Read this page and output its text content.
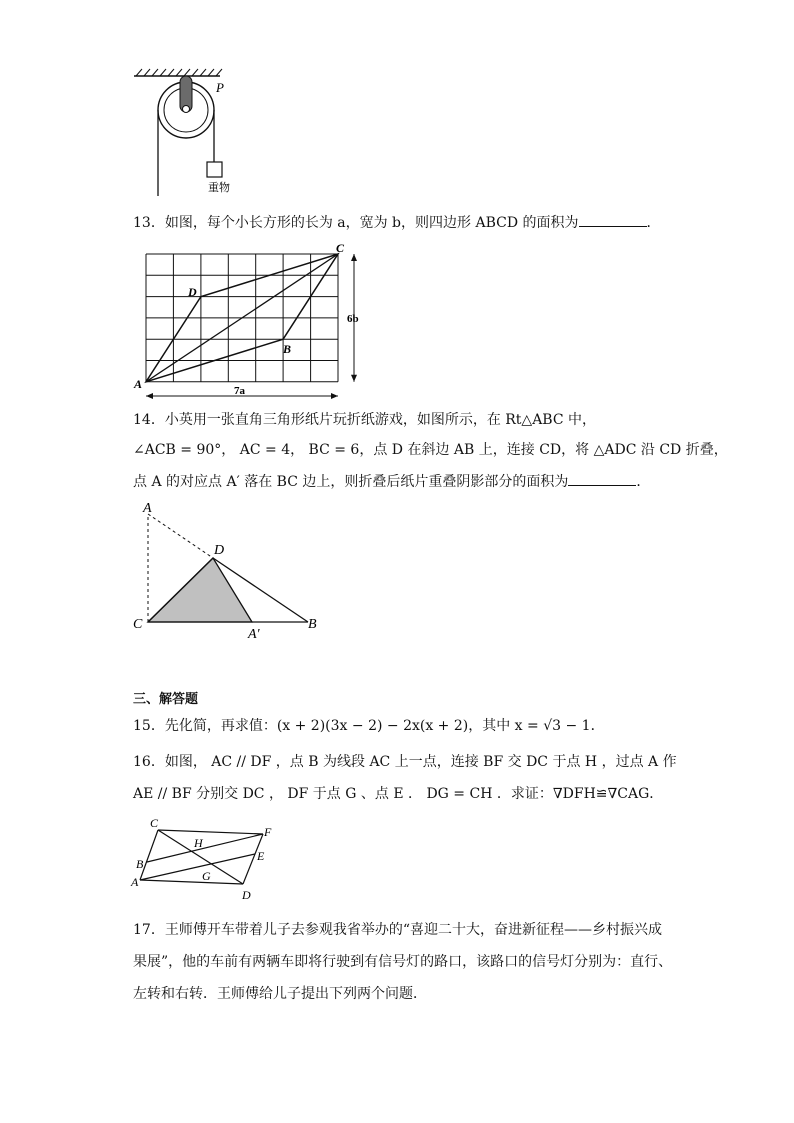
P
重物
13．如图，每个小长方形的长为 a，宽为 b，则四边形 ABCD 的面积为	．
A
B
C
D
7a
6b
14．小英用一张直角三角形纸片玩折纸游戏，如图所示，在 Rt△ABC 中，
∠ACB = 90°， AC = 4， BC = 6，点 D 在斜边 AB 上，连接 CD，将 △ADC 沿 CD 折叠，
点 A 的对应点 A′ 落在 BC 边上，则折叠后纸片重叠阴影部分的面积为	．
A
D
C
A′
B
三、解答题
15．先化简，再求值：(x + 2)(3x − 2) − 2x(x + 2)，其中 x = √3 − 1．
16．如图， AC // DF ，点 B 为线段 AC 上一点，连接 BF 交 DC 于点 H ，过点 A 作
AE // BF 分别交 DC ， DF 于点 G 、点 E ． DG = CH ．求证：∇DFH≌∇CAG．
C
F
H
B
E
G
A
D
17．王师傅开车带着儿子去参观我省举办的“喜迎二十大，奋进新征程——乡村振兴成
果展”，他的车前有两辆车即将行驶到有信号灯的路口，该路口的信号灯分别为：直行、
左转和右转．王师傅给儿子提出下列两个问题．
